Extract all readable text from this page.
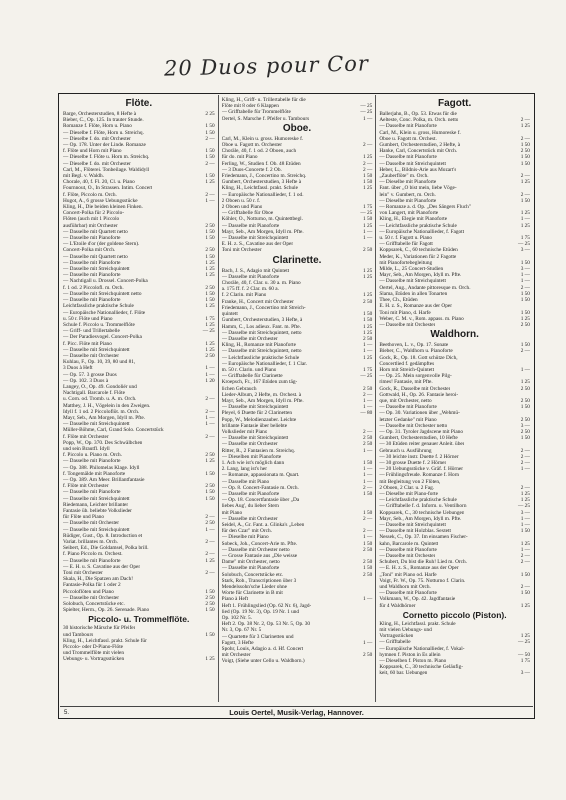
20 Duos pour Cor
Flöte.
Barge, Orchesterstudien, 8 Hefte à	2 25
Bieber, C., Op. 125. In trauter Stunde.
Romanze f. Flöte, Horn u. Piano	1 50
— Dieselbe f. Flöte, Horn u. Streichq.	1 50
— Dieselbe f. do. mit Orchester	2 —
— Op. 178. Unter der Linde. Romanze
f. Flöte und Horn mit Piano	1 50
— Dieselbe f. Flöte u. Horn m. Streichq.	1 50
— Dieselbe f. do. mit Orchester	2 —
Carl, M., Flöterei. Tonbeilage. Waldidyll
mit Begl. v. Waldh.	1 50
Chorale, 40, f. Fl. 20, Cl. u. Piano	1 25
Fournnout, O., In Strassen. Intim. Concert
f. Flöte, Piccolo m. Orch.	2 —
Hugot, A., 6 grosse Uebungsstücke	1 —
Kling, H., Die beiden kleinen Finken.
Concert-Polka für 2 Piccolo-
Flöten (auch mit 1 Piccolo
ausführbar) mit Orchester	2 50
— Dasselbe mit Quartett netto	1 50
— Dasselbe mit Pianoforte	1 50
— L'Etoile d'or (der goldene Stern).
Concert-Polka mit Orch.	2 50
— Dasselbe mit Quartett netto	1 50
— Dasselbe mit Pianoforte	1 25
— Dasselbe mit Streichquintett	1 25
— Dasselbe mit Pianoforte	1 25
— Nachtigall u. Drossel. Concert-Polka
f. 1 od. 2 Piccolofl. m. Orch.	2 50
— Dasselbe mit Streichquintett netto	1 50
— Dasselbe mit Pianoforte	1 50
Leichtfassliche praktische Schule	1 25
— Europäische Nationallieder, f. Flöte
u. 50 r. Flöte und Piano	1 75
Schule f. Piccolo u. Trommelflöte	1 25
— Griff- und Trillertabelle	— 25
— Der Paradiesvogel. Concert-Polka
f. Picc. Flöte mit Piano	1 25
— Dasselbe mit Streichquintett	1 25
— Dasselbe mit Orchester	2 50
Kuhlau, F., Op. 10, 39, 80 und 81,
3 Duos à Heft	1 —
— Op. 57. 3 grosse Duos	1 —
— Op. 102. 3 Duos à	1 20
Langey, O., Op. 49. Gondoliér und
Nachtigall. Barcarole f. Flöte
u. Corn. od. Tromb. u. A. m. Orch.	2 —
Matthey, J. H., Vögelein in den Zweigen.
Idyll f. 1 od. 2 Piccoloflöt. m. Orch.	2 —
Mayr, Seb., Am Morgen, Idyll m. Pfte.	1 —
— Dasselbe mit Streichquintett	1 —
Müller-Böhme, Carl, Grand Solo. Concertstück
f. Flöte mit Orchester	2 —
Popp, W., Op. 370. Des Schwälbchen
und sein Brautfl. Idyll
f. Piccolo u. Piano m. Orch.	2 50
— Dasselbe mit Pianoforte	1 25
— Op. 388. Philomelas Klage. Idyll
f. Tongemälde mit Pianoforte	1 50
— Op. 389. Am Meer. Brillantfantasie
f. Flöte mit Orchester	2 50
— Dasselbe mit Pianoforte	1 50
— Dasselbe mit Streichquintett	1 50
Riedemann, Leichter brillanter
Fantasie üb. beliebte Volkslieder
für Flöte und Piano	2 —
— Dasselbe mit Orchester	2 50
— Dasselbe mit Streichquintett	1 —
Rüdiger, Gust., Op. 8. Introduction et
Variat. brillantes m. Orch.	2 —
Seibert, Ed., Die Goldamsel, Polka brill.
f. Piano Piccolo m. Orchest.	2 —
— Dasselbe mit Pianoforte	1 25
— E. H. u. S. Cavatine aus der Oper
Toni mit Orchester	2 —
Skala, H., Die Spatzen am Dach!
Fantasie-Polka für 1 oder 2
Piccoloflöten und Piano	1 50
— Dasselbe mit Orchester	2 50
Solobuch, Concertstücke etc.	2 50
Spielter, Herm., Op. 26. Serenade. Piano	1 50
Piccolo- u. Trommelflöte.
30 historische Märsche für Pfeifer
und Tambours	1 50
Kling, H., Leichtfassl. prakt. Schule für
Piccolo- oder D-Piano-Flöte
und Trommelflöte mit vielen
Uebungs- u. Vortragsstücken	1 25
Kling, H., Griff- u. Trillertabelle für die
Flöte mit 8 oder 6 Klappen	— 25
— Grifftabelle für Trommelflöte	— 25
Oertel, S. Marsche f. Pfeifer u. Tambours	1 —
Oboe.
Carl, M., Klein u. gross. Humoreske f.
Oboe u. Fagott m. Orchester	2 —
Choräle, 40, f. 1 od. 2 Oboen, auch
für do. mit Piano	1 25
Ferling, W., Studien f. Ob. 48 Etüden	2 —
— 3 Duos-Concerte f. 2 Ob.	2 —
Friedemann, J., Concertino m. Streichq.	1 50
Gumbert, Orchesterstudien, 3 Hefte à	1 50
Kling, H., Leichtfassl. prakt. Schule	1 25
— Europäische Nationallieder, f. 1 od.
2 Oboen u. 50 r. f.
2 Oboen und Piano	1 75
— Grifftabelle für Oboe	— 25
Köhler, O., Notturno, m. Quintettbegl.	1 50
— Dasselbe mit Pianoforte	1 25
Mayr, Seb., Am Morgen, Idyll m. Pfte.	1 —
— Dasselbe mit Streichquintett	1 —
E. H. z. S., Cavatine aus der Oper
Toni mit Orchester	2 50
Clarinette.
Bach, J. S., Adagio mit Quintett	1 25
— Dasselbe mit Pianoforte	1 25
Choräle, 40, f. Clar. u. 30 a. m. Piano
a. 175 ff. f. 2 Clar. m. 60 a.
f. 2 Clarin. mit Piano	1 25
Franke, H., Concert mit Orchester	2 50
Friedemann, J., Concertino mit Streich-
quintett	1 50
Gumbert, Orchesterstudien, 3 Hefte, à	1 50
Hamm, C., Los adieux. Fant. m. Pfte.	1 25
— Dasselbe mit Streichquintett, netto	1 25
— Dasselbe mit Orchester	2 50
Kling, H., Romanze mit Pianoforte	1 —
— Dasselbe mit Streichquintett, netto	1 —
— Leichtfassliche praktische Schule	1 25
— Europäische Nationallieder, f. 1 Clar.
m. 50 r. Clarin. und Piano	1 75
— Grifftabelle für Clarinette	— 25
Kroepsch, Fr., 167 Etüden zum täg-
lichen Gebrauch	2 50
Lieder-Album, 2 Hefte, m. Orchest. à	2 —
Mayr, Seb., Am Morgen, Idyll m. Pfte.	1 —
— Dasselbe mit Streichquintett	1 —
Pleyel, 6 Duette für 2 Clarinetten	— 80
Popp, W., Melodienzauber. Leichte
brillante Fantasie über beliebte
Volkslieder mit Piano	2 —
— Dasselbe mit Streichquintett	2 50
— Dasselbe mit Orchester	2 50
Ritter, R., 2 Fantasien m. Streichq.	1 —
— Dieselben mit Pianoforte
1. Ach wie ist's möglich dann	1 50
2. Lang, lang ist's her	1 —
— Romanze, appassionata m. Quart.	1 —
— Dasselbe mit Piano	1 —
— Op. 8. Concert-Fantasie m. Orch.	2 —
— Dasselbe mit Pianoforte	1 50
— Op. 18. Concertfantasie über „Da
liebes Aug', du lieber Stern
mit Piano	1 50
— Dasselbe mit Orchester	2 —
Seidel, A., Gr. Fant. a. Glinka's „Leben
für den Czar" mit Orch.	2 —
— Dieselbe mit Piano	1 —
Sobeck, Joh., Concert-Arie m. Pfte.	1 50
— Dasselbe mit Orchester netto	2 50
— Grosse Fantasie aus „Die weisse
Dame" mit Orchester, netto	2 50
— Dasselbe mit Pianoforte	1 50
Solobuch, Concertstücke etc.	2 50
Stark, Rob., Transcriptionen über 3
Mendelssohn'sche Lieder ohne
Worte für Clarinette in B mit
Piano à Heft	1 —
Heft 1. Frühlingslied (Op. 62 Nr. 6), Jagd-
lied (Op. 19 Nr. 3), Op. 19 Nr. 1 und
Op. 102 Nr. 5.
Heft 2. Op. 38 Nr. 2, Op. 53 Nr. 5, Op. 30
Nr. 3, Op. 67 Nr. 5
— Quartette für 3 Clarinetten und
Fagott, 3 Hefte	1 —
Spohr, Louis, Adagio a. d. Hf. Concert
mit Orchester	2 50
Voigt, (Siehe unter Cello u. Waldhorn.)
Fagott.
Ballerjahn, B., Op. 53. Etwas für die
Aelteste, Conc. Polka, m. Orch. netto	2 —
— Dasselbe mit Pianoforte	1 25
Carl, M., Klein u. gross, Humoreske f.
Oboe u. Fagott m. Orchest.	2 —
Gumbert, Orchesterstudien, 2 Hefte, à	1 50
Hanke, Carl, Concertstück mit Orch.	2 50
— Dasselbe mit Pianoforte	1 50
— Dasselbe mit Streichquintett	1 50
Heber, L., Bildnis-Arie aus Mozart's
„Zauberflöte" m. Orch.	2 —
— Dieselbe mit Pianoforte	1 25
Fant. über „O bist mein, liebe Vöge-
lein" v. Gumbert, m. Orch.	2 —
— Dieselbe mit Pianoforte	1 50
— Romanze a. d. Op. „Des Sängers Fluch"
von Langert, mit Pianoforte	1 25
Kling, H., Elegie mit Pianoforte	1 —
— Leichtfassliche praktische Schule	1 25
— Europäische Nationallieder, f. Fagott
u. 50 r. f. Fagott u. Piano	1 75
— Grifftabelle für Fagott	— 25
Koppsarek, C., 60 technische Etüden	3 —
Meder, K., Variationen für 2 Fagotte
mit Pianofortebegleitung	1 50
Milde, L., 25 Concert-Studien	3 —
Mayr, Seb., Am Morgen, Idyll m. Pfte.	1 —
— Dasselbe mit Streichquintett	1 —
Oertel, Aug., Andante pittoresque m. Orch.	2 —
Slama, Etüden in allen Tonarten	1 50
Thee, Ch., Etüden	1 50
E. H. z. S., Romanze aus der Oper
Toni mit Piano, d. Harfe	1 50
Weber, C. M. v., Rom. appass. m. Piano	1 25
— Dasselbe mit Orchester	2 50
Waldhorn.
Beethoven, L. v., Op. 17. Sonate	1 50
Bieber, C., Waldhorn u. Pianoforte	2 —
Gock, R., Op. 18. Gott schütze Dich,
Concertlied f. gedämpftes
Horn mit Streich-Quintett	1 —
— Op. 25. Mein sorgenvolle Pilg-
rimes! Fantasie, mit Pfte.	1 25
Gock, R., Dasselbe mit Orchester	2 50
Gottwald, H., Op. 26. Fantasie heroi-
que, mit Orchester, netto	2 50
— Dasselbe mit Pianoforte	1 50
— Op. 30. Variationen über „Wehmü-
letzter Gedanke" mit Piano	2 50
— Dasselbe mit Orchester netto	3 —
— Op. 31. Tyroler Jagdscene mit Piano	2 50
Gumbert, Orchesterstudien, 10 Hefte	1 50
— 30 Etüden reiter genauer Anleit. über
Gebrauch u. Ausführung	2 —
— 30 leichte instr. Duette f. 2 Hörner	2 —
— 30 grosse Duette f. 2 Hörner	2 —
— 20 Uebungsstücke v. Gräf. f. Hörner	1 —
— Frühlingsfreude. Romanze f. Horn
mit Begleitung von 2 Flöten,
2 Oboen, 2 Clar. u. 2 Fag.	2 —
— Dieselbe mit Piano-forte	1 25
— Leichtfassliche praktische Schule	1 25
— Grifftabelle f. d. Inform. u. Ventilhorn	— 25
Koppsarek, C., 30 technische Uebungen	3 —
Mayr, Seb., Am Morgen, Idyll m. Pfte.	1 —
— Dasselbe mit Streichquintett	1 —
— Dasselbe mit Holzblas. Sextett	1 50
Nessek, C., Op. 37. Im einsamen Fischer-
kahn, Barcarole m. Quintett	1 25
— Dasselbe mit Pianoforte	1 —
— Dasselbe mit Orchester	2 —
Schubert, Du bist die Ruh! Lied m. Orch.	2 —
— E. H. z. S., Romanze aus der Oper
„Toni" mit Piano od. Harfe	1 50
Voigt, Fr. W., Op. 75. Notturno f. Clarin.
und Waldhorn mit Orch.	2 —
— Dasselbe mit Pianoforte	1 50
Volkmann, W., Op. 42. Jagdfantasie
für 4 Waldhörner	1 25
Cornetto piccolo (Piston).
Kling, H., Leichtfassl. prakt. Schule
mit vielen Uebungs- und
Vortragsstücken	1 25
— Grifftabelle	— 25
— Europäische Nationallieder, f. Vokal-
hymnen f. Piston in Es allein	— 50
— Dieselben f. Piston m. Piano	1 75
Koppsarek, C., 30 technische Geläufig-
keit, 60 bar. Uebungen	3 —
5.	Louis Oertel, Musik-Verlag, Hannover.
